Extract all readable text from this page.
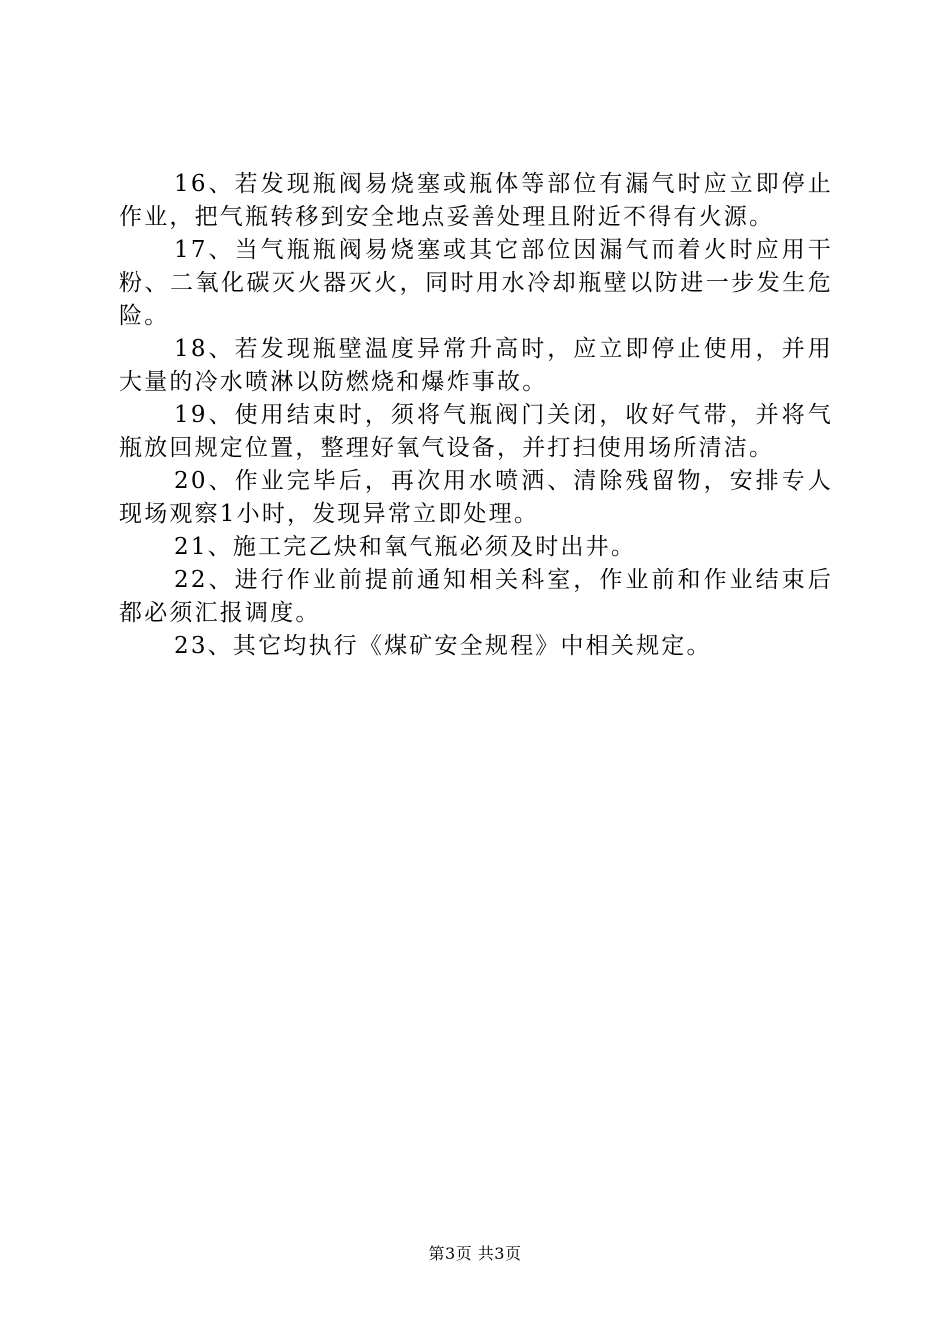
16、若发现瓶阀易烧塞或瓶体等部位有漏气时应立即停止作业，把气瓶转移到安全地点妥善处理且附近不得有火源。

17、当气瓶瓶阀易烧塞或其它部位因漏气而着火时应用干粉、二氧化碳灭火器灭火，同时用水冷却瓶壁以防进一步发生危险。

18、若发现瓶壁温度异常升高时，应立即停止使用，并用大量的冷水喷淋以防燃烧和爆炸事故。

19、使用结束时，须将气瓶阀门关闭，收好气带，并将气瓶放回规定位置，整理好氧气设备，并打扫使用场所清洁。

20、作业完毕后，再次用水喷洒、清除残留物，安排专人现场观察1小时，发现异常立即处理。

21、施工完乙炔和氧气瓶必须及时出井。

22、进行作业前提前通知相关科室，作业前和作业结束后都必须汇报调度。

23、其它均执行《煤矿安全规程》中相关规定。

第3页 共3页
